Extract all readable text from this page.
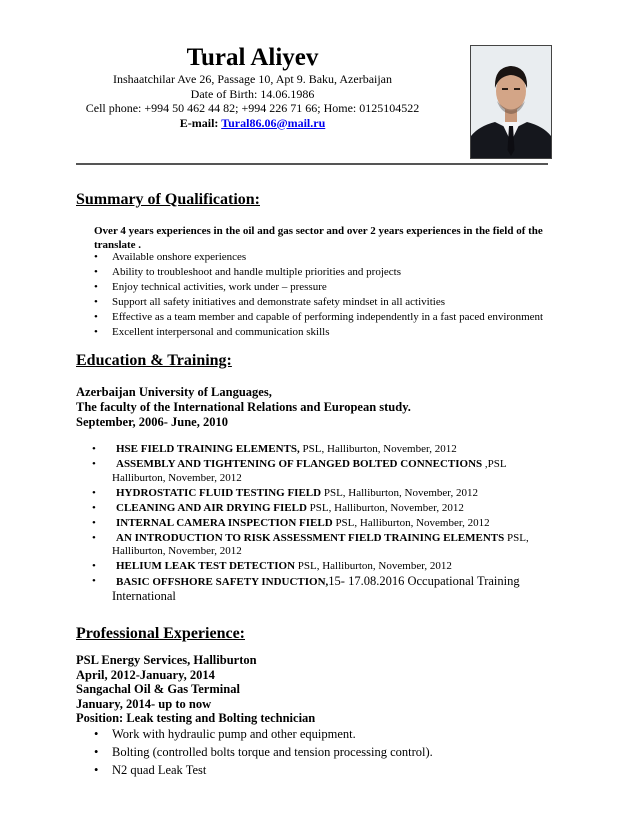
Tural Aliyev
Inshaatchilar Ave 26, Passage 10, Apt 9. Baku, Azerbaijan
Date of Birth: 14.06.1986
Cell phone: +994 50 462 44 82; +994 226 71 66; Home: 0125104522
E-mail: Tural86.06@mail.ru
Summary of Qualification:
Over 4 years experiences in the oil and gas sector and over 2 years experiences in the field of the translate .
• Available onshore experiences
• Ability to troubleshoot and handle multiple priorities and projects
• Enjoy technical activities, work under – pressure
• Support all safety initiatives and demonstrate safety mindset in all activities
• Effective as a team member and capable of performing independently in a fast paced environment
• Excellent interpersonal and communication skills
Education & Training:
Azerbaijan University of Languages,
The faculty of the International Relations and European study.
September, 2006- June, 2010
• HSE FIELD TRAINING ELEMENTS, PSL, Halliburton, November, 2012
• ASSEMBLY AND TIGHTENING OF FLANGED BOLTED CONNECTIONS ,PSL Halliburton, November, 2012
• HYDROSTATIC FLUID TESTING FIELD PSL, Halliburton, November, 2012
• CLEANING AND AIR DRYING FIELD PSL, Halliburton, November, 2012
• INTERNAL CAMERA INSPECTION FIELD PSL, Halliburton, November, 2012
• AN INTRODUCTION TO RISK ASSESSMENT FIELD TRAINING ELEMENTS PSL, Halliburton, November, 2012
• HELIUM LEAK TEST DETECTION PSL, Halliburton, November, 2012
• BASIC OFFSHORE SAFETY INDUCTION,15- 17.08.2016 Occupational Training International
Professional Experience:
PSL Energy Services, Halliburton
April, 2012-January, 2014
Sangachal Oil & Gas Terminal
January, 2014- up to now
Position: Leak testing and Bolting technician
• Work with hydraulic pump and other equipment.
• Bolting (controlled bolts torque and tension processing control).
• N2 quad Leak Test
